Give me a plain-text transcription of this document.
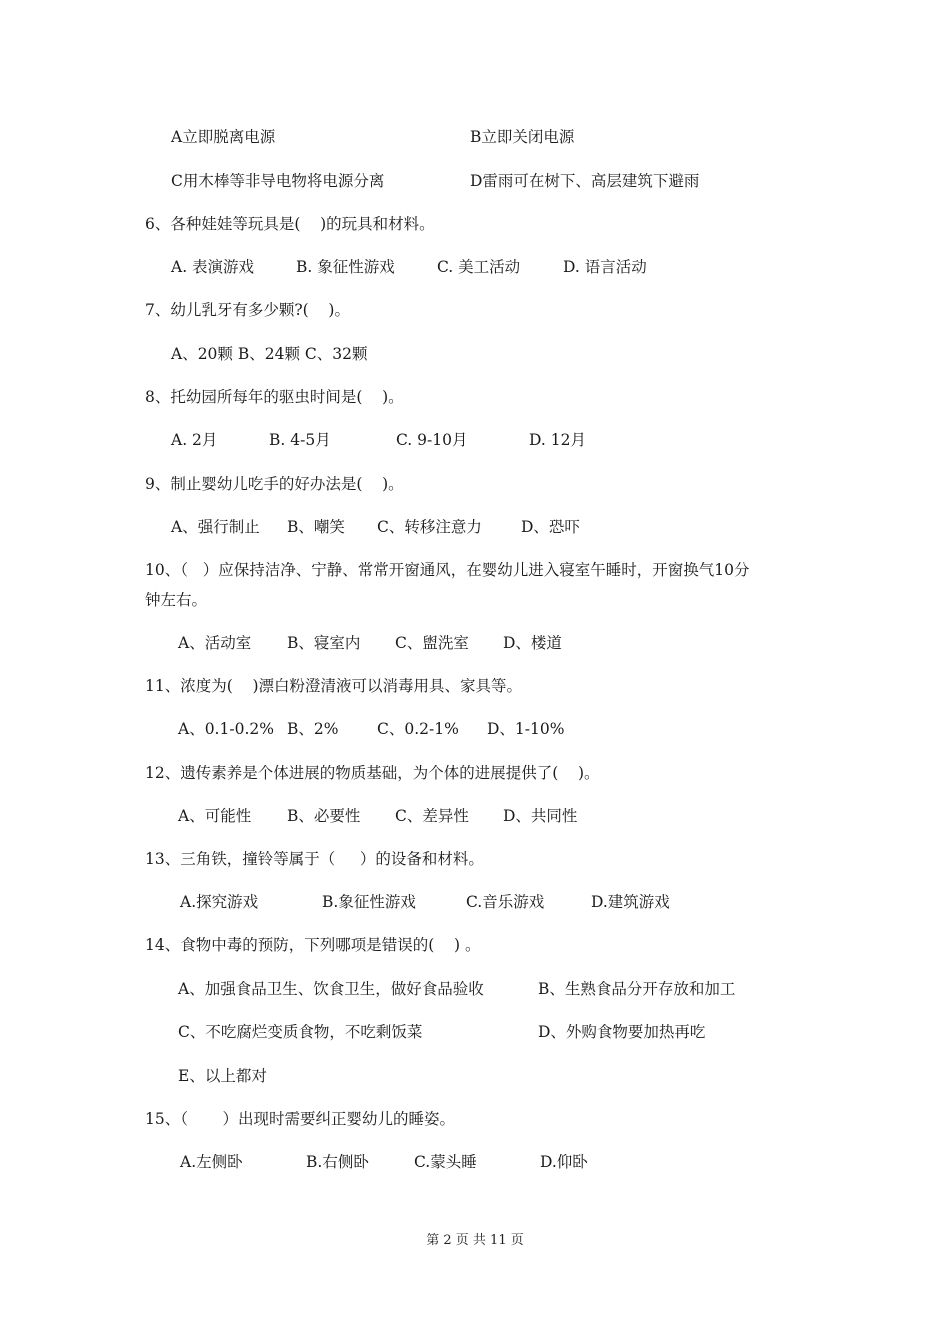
A立即脱离电源	B立即关闭电源
C用木棒等非导电物将电源分离	D雷雨可在树下、高层建筑下避雨
6、各种娃娃等玩具是(    )的玩具和材料。
A. 表演游戏	B. 象征性游戏	C. 美工活动	D. 语言活动
7、幼儿乳牙有多少颗?(    )。
A、20颗 B、24颗 C、32颗
8、托幼园所每年的驱虫时间是(    )。
A. 2月	B. 4-5月	C. 9-10月	D. 12月
9、制止婴幼儿吃手的好办法是(    )。
A、强行制止 B、嘲笑 C、转移注意力	D、恐吓
10、（   ）应保持洁净、宁静、常常开窗通风，在婴幼儿进入寝室午睡时，开窗换气10分
钟左右。
A、活动室 B、寝室内 C、盥洗室 D、楼道
11、浓度为(    )漂白粉澄清液可以消毒用具、家具等。
A、0.1-0.2% B、2% C、0.2-1% D、1-10%
12、遗传素养是个体进展的物质基础，为个体的进展提供了(    )。
A、可能性 B、必要性 C、差异性 D、共同性
13、三角铁，撞铃等属于（     ）的设备和材料。
A.探究游戏	B.象征性游戏	C.音乐游戏	D.建筑游戏
14、食物中毒的预防，下列哪项是错误的(    ) 。
A、加强食品卫生、饮食卫生，做好食品验收	B、生熟食品分开存放和加工
C、不吃腐烂变质食物，不吃剩饭菜	D、外购食物要加热再吃
E、以上都对
15、（       ）出现时需要纠正婴幼儿的睡姿。
A.左侧卧	B.右侧卧	C.蒙头睡	D.仰卧
第 2 页 共 11 页
